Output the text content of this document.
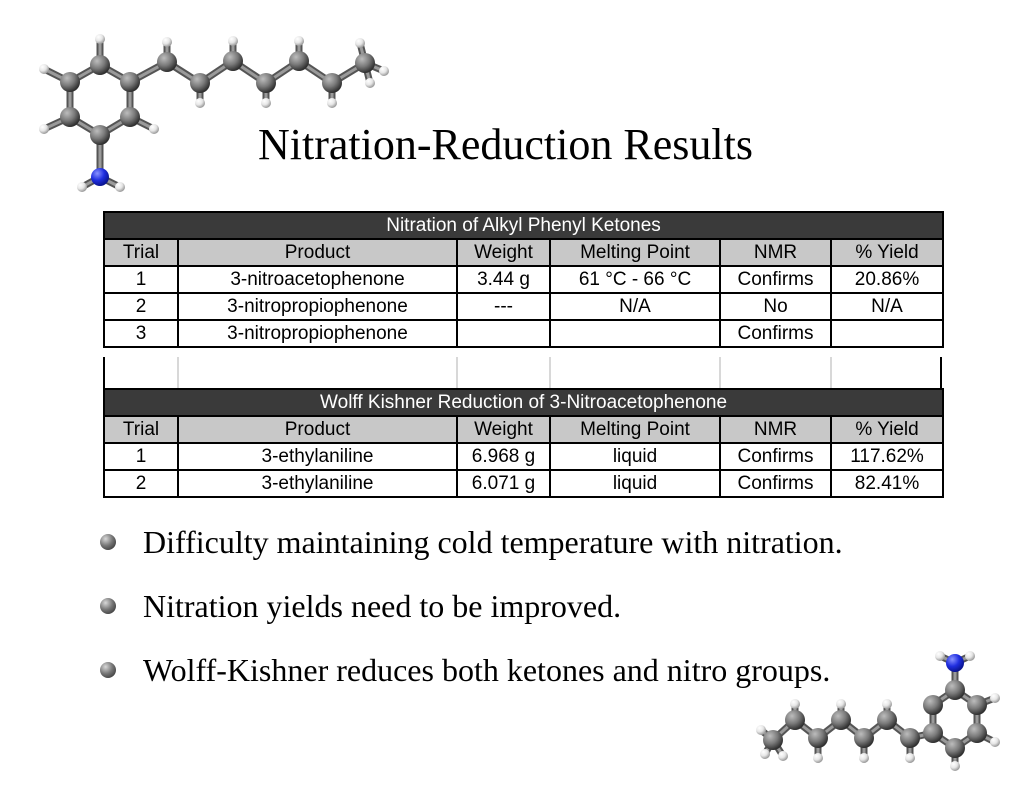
Nitration-Reduction Results
Nitration of Alkyl Phenyl Ketones					
Trial	Product	Weight	Melting Point	NMR	% Yield
1	3-nitroacetophenone	3.44 g	61 °C - 66 °C	Confirms	20.86%
2	3-nitropropiophenone	---	N/A	No	N/A
3	3-nitropropiophenone			Confirms	
Wolff Kishner Reduction of 3-Nitroacetophenone					
Trial	Product	Weight	Melting Point	NMR	% Yield
1	3-ethylaniline	6.968 g	liquid	Confirms	117.62%
2	3-ethylaniline	6.071 g	liquid	Confirms	82.41%
Difficulty maintaining cold temperature with nitration.
Nitration yields need to be improved.
Wolff-Kishner reduces both ketones and nitro groups.
